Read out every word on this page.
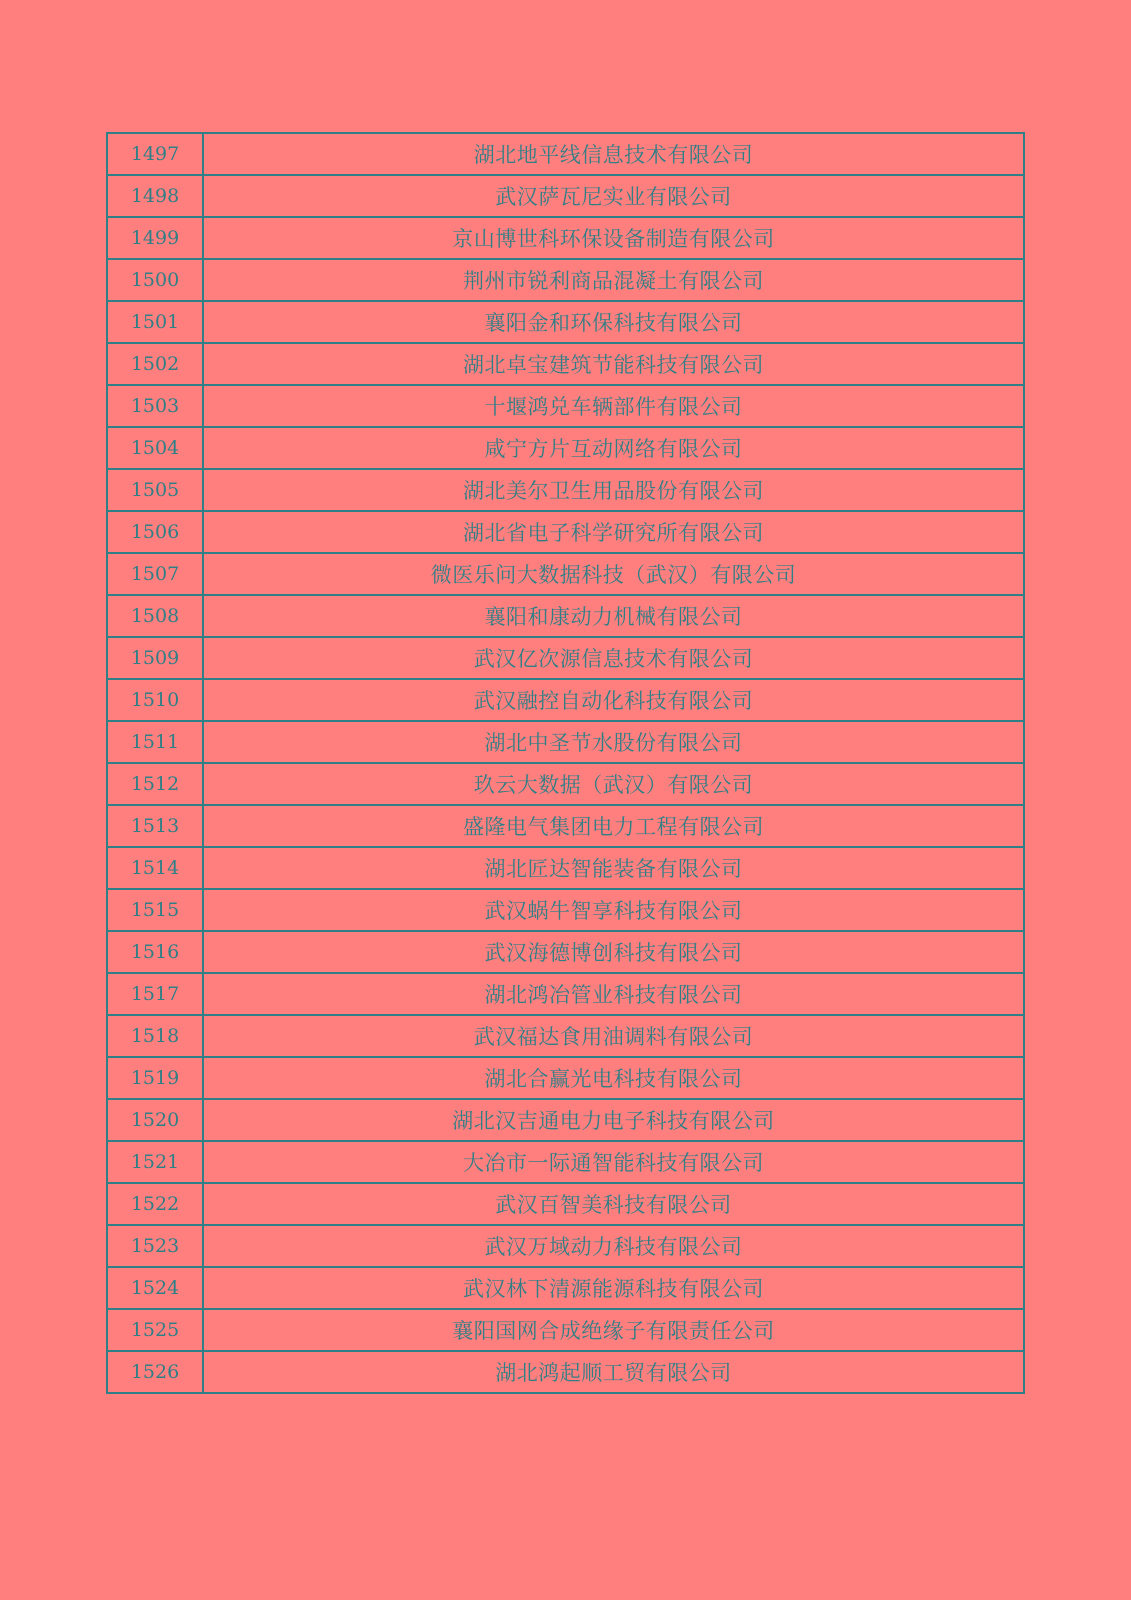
1497	湖北地平线信息技术有限公司
1498	武汉萨瓦尼实业有限公司
1499	京山博世科环保设备制造有限公司
1500	荆州市锐利商品混凝土有限公司
1501	襄阳金和环保科技有限公司
1502	湖北卓宝建筑节能科技有限公司
1503	十堰鸿兑车辆部件有限公司
1504	咸宁方片互动网络有限公司
1505	湖北美尔卫生用品股份有限公司
1506	湖北省电子科学研究所有限公司
1507	微医乐问大数据科技（武汉）有限公司
1508	襄阳和康动力机械有限公司
1509	武汉亿次源信息技术有限公司
1510	武汉融控自动化科技有限公司
1511	湖北中圣节水股份有限公司
1512	玖云大数据（武汉）有限公司
1513	盛隆电气集团电力工程有限公司
1514	湖北匠达智能装备有限公司
1515	武汉蜗牛智享科技有限公司
1516	武汉海德博创科技有限公司
1517	湖北鸿冶管业科技有限公司
1518	武汉福达食用油调料有限公司
1519	湖北合赢光电科技有限公司
1520	湖北汉吉通电力电子科技有限公司
1521	大冶市一际通智能科技有限公司
1522	武汉百智美科技有限公司
1523	武汉万域动力科技有限公司
1524	武汉林下清源能源科技有限公司
1525	襄阳国网合成绝缘子有限责任公司
1526	湖北鸿起顺工贸有限公司
